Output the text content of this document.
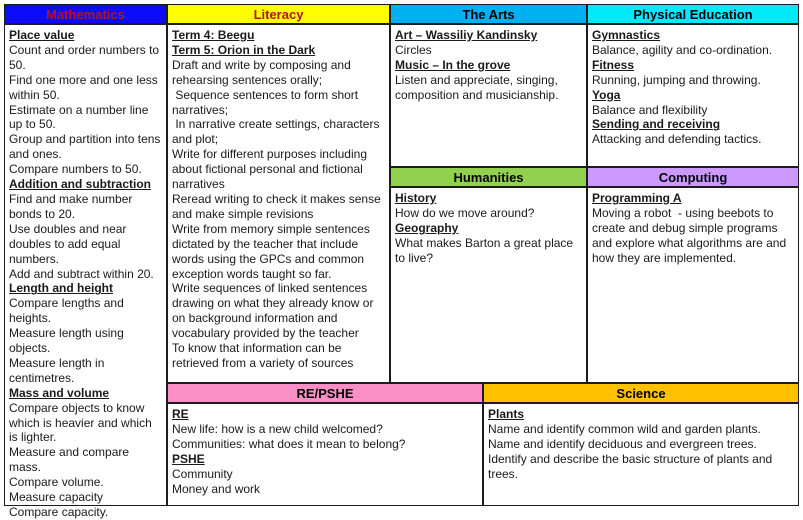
Mathematics
Place value
Count and order numbers to 50.
Find one more and one less within 50.
Estimate on a number line up to 50.
Group and partition into tens and ones.
Compare numbers to 50.
Addition and subtraction
Find and make number bonds to 20.
Use doubles and near doubles to add equal numbers.
Add and subtract within 20.
Length and height
Compare lengths and heights.
Measure length using objects.
Measure length in centimetres.
Mass and volume
Compare objects to know which is heavier and which is lighter.
Measure and compare mass.
Compare volume.
Measure capacity
Compare capacity.
Literacy
Term 4: Beegu
Term 5: Orion in the Dark
Draft and write by composing and rehearsing sentences orally;
Sequence sentences to form short narratives;
In narrative create settings, characters and plot;
Write for different purposes including about fictional personal and fictional narratives
Reread writing to check it makes sense and make simple revisions
Write from memory simple sentences dictated by the teacher that include words using the GPCs and common exception words taught so far.
Write sequences of linked sentences drawing on what they already know or on background information and vocabulary provided by the teacher
To know that information can be retrieved from a variety of sources
The Arts
Art – Wassiliy Kandinsky
Circles
Music – In the grove
Listen and appreciate, singing, composition and musicianship.
Physical Education
Gymnastics
Balance, agility and co-ordination.
Fitness
Running, jumping and throwing.
Yoga
Balance and flexibility
Sending and receiving
Attacking and defending tactics.
Humanities
History
How do we move around?
Geography
What makes Barton a great place to live?
Computing
Programming A
Moving a robot  - using beebots to create and debug simple programs and explore what algorithms are and how they are implemented.
RE/PSHE
RE
New life: how is a new child welcomed?
Communities: what does it mean to belong?
PSHE
Community
Money and work
Science
Plants
Name and identify common wild and garden plants.
Name and identify deciduous and evergreen trees.
Identify and describe the basic structure of plants and trees.
